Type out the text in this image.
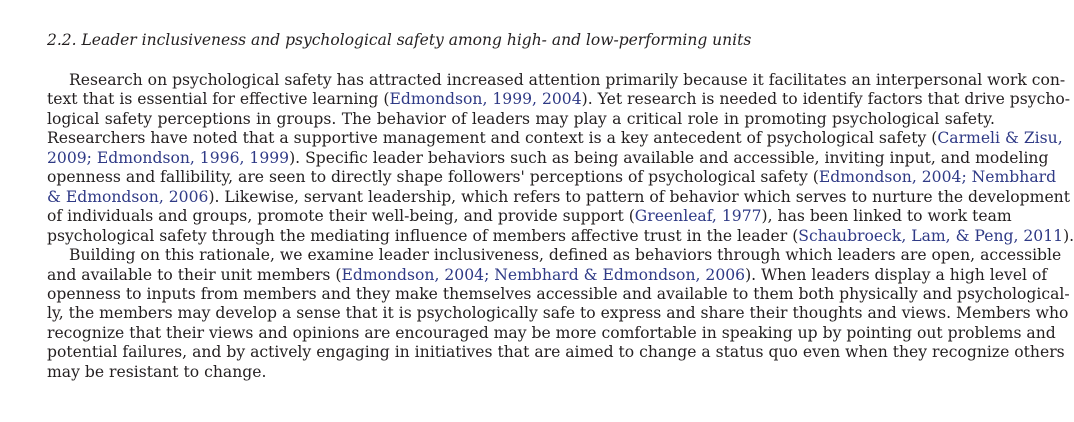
2.2. Leader inclusiveness and psychological safety among high- and low-performing units
Research on psychological safety has attracted increased attention primarily because it facilitates an interpersonal work con-
text that is essential for effective learning (Edmondson, 1999, 2004). Yet research is needed to identify factors that drive psycho-
logical safety perceptions in groups. The behavior of leaders may play a critical role in promoting psychological safety.
Researchers have noted that a supportive management and context is a key antecedent of psychological safety (Carmeli & Zisu,
2009; Edmondson, 1996, 1999). Specific leader behaviors such as being available and accessible, inviting input, and modeling
openness and fallibility, are seen to directly shape followers' perceptions of psychological safety (Edmondson, 2004; Nembhard
& Edmondson, 2006). Likewise, servant leadership, which refers to pattern of behavior which serves to nurture the development
of individuals and groups, promote their well-being, and provide support (Greenleaf, 1977), has been linked to work team
psychological safety through the mediating influence of members affective trust in the leader (Schaubroeck, Lam, & Peng, 2011).
Building on this rationale, we examine leader inclusiveness, defined as behaviors through which leaders are open, accessible
and available to their unit members (Edmondson, 2004; Nembhard & Edmondson, 2006). When leaders display a high level of
openness to inputs from members and they make themselves accessible and available to them both physically and psychological-
ly, the members may develop a sense that it is psychologically safe to express and share their thoughts and views. Members who
recognize that their views and opinions are encouraged may be more comfortable in speaking up by pointing out problems and
potential failures, and by actively engaging in initiatives that are aimed to change a status quo even when they recognize others
may be resistant to change.
